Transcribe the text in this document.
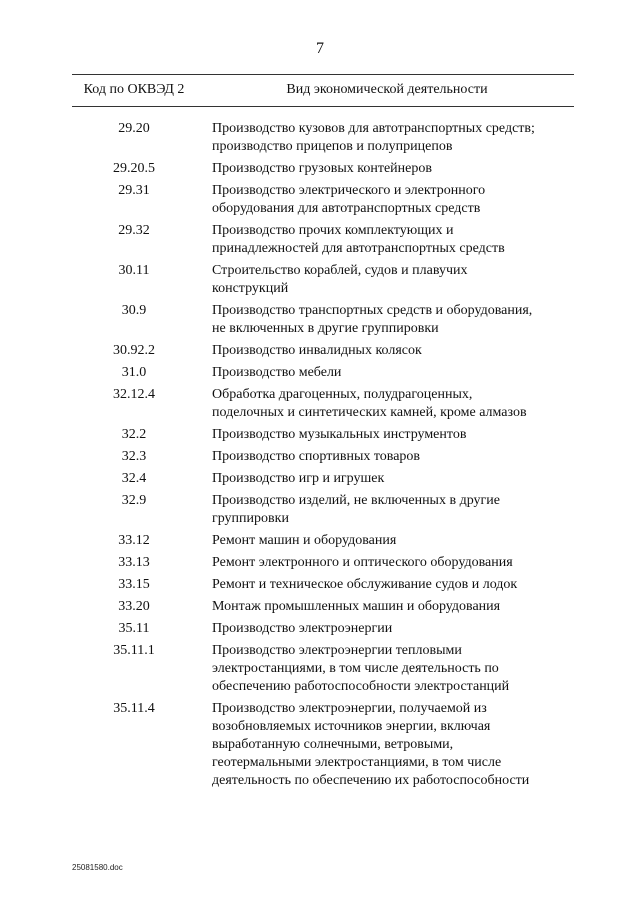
7
Код по ОКВЭД 2	Вид экономической деятельности
29.20	Производство кузовов для автотранспортных средств;
производство прицепов и полуприцепов

29.20.5	Производство грузовых контейнеров

29.31	Производство электрического и электронного
оборудования для автотранспортных средств

29.32	Производство прочих комплектующих и
принадлежностей для автотранспортных средств

30.11	Строительство кораблей, судов и плавучих
конструкций

30.9	Производство транспортных средств и оборудования,
не включенных в другие группировки

30.92.2	Производство инвалидных колясок

31.0	Производство мебели

32.12.4	Обработка драгоценных, полудрагоценных,
поделочных и синтетических камней, кроме алмазов

32.2	Производство музыкальных инструментов

32.3	Производство спортивных товаров

32.4	Производство игр и игрушек

32.9	Производство изделий, не включенных в другие
группировки

33.12	Ремонт машин и оборудования

33.13	Ремонт электронного и оптического оборудования

33.15	Ремонт и техническое обслуживание судов и лодок

33.20	Монтаж промышленных машин и оборудования

35.11	Производство электроэнергии

35.11.1	Производство электроэнергии тепловыми
электростанциями, в том числе деятельность по
обеспечению работоспособности электростанций

35.11.4	Производство электроэнергии, получаемой из
возобновляемых источников энергии, включая
выработанную солнечными, ветровыми,
геотермальными электростанциями, в том числе
деятельность по обеспечению их работоспособности
25081580.doc
